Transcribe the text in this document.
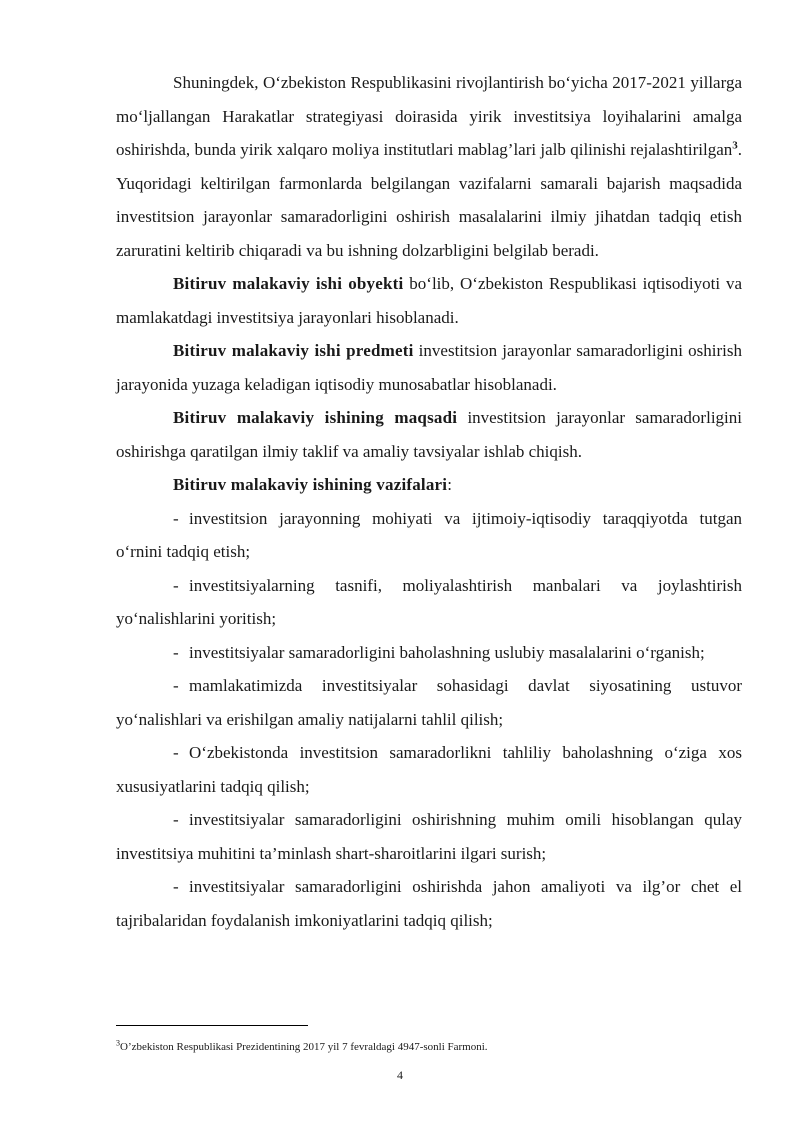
Shuningdek, O‘zbekiston Respublikasini rivojlantirish bo‘yicha 2017-2021 yillarga mo‘ljallangan Harakatlar strategiyasi doirasida yirik investitsiya loyihalarini amalga oshirishda, bunda yirik xalqaro moliya institutlari mablag’lari jalb qilinishi rejalashtirilgan$^3$. Yuqoridagi keltirilgan farmonlarda belgilangan vazifalarni samarali bajarish maqsadida investitsion jarayonlar samaradorligini oshirish masalalarini ilmiy jihatdan tadqiq etish zaruratini keltirib chiqaradi va bu ishning dolzarbligini belgilab beradi.

Bitiruv malakaviy ishi obyekti bo‘lib, O‘zbekiston Respublikasi iqtisodiyoti va mamlakatdagi investitsiya jarayonlari hisoblanadi.

Bitiruv malakaviy ishi predmeti investitsion jarayonlar samaradorligini oshirish jarayonida yuzaga keladigan iqtisodiy munosabatlar hisoblanadi.

Bitiruv malakaviy ishining maqsadi investitsion jarayonlar samaradorligini oshirishga qaratilgan ilmiy taklif va amaliy tavsiyalar ishlab chiqish.

Bitiruv malakaviy ishining vazifalari:

- investitsion jarayonning mohiyati va ijtimoiy-iqtisodiy taraqqiyotda tutgan o‘rnini tadqiq etish;

- investitsiyalarning tasnifi, moliyalashtirish manbalari va joylashtirish yo‘nalishlarini yoritish;

- investitsiyalar samaradorligini baholashning uslubiy masalalarini o‘rganish;

- mamlakatimizda investitsiyalar sohasidagi davlat siyosatining ustuvor yo‘nalishlari va erishilgan amaliy natijalarni tahlil qilish;

- O‘zbekistonda investitsion samaradorlikni tahliliy baholashning o‘ziga xos xususiyatlarini tadqiq qilish;

- investitsiyalar samaradorligini oshirishning muhim omili hisoblangan qulay investitsiya muhitini ta’minlash shart-sharoitlarini ilgari surish;

- investitsiyalar samaradorligini oshirishda jahon amaliyoti va ilg’or chet el tajribalaridan foydalanish imkoniyatlarini tadqiq qilish;

$^3$O’zbekiston Respublikasi Prezidentining 2017 yil 7 fevraldagi 4947-sonli Farmoni.
4
